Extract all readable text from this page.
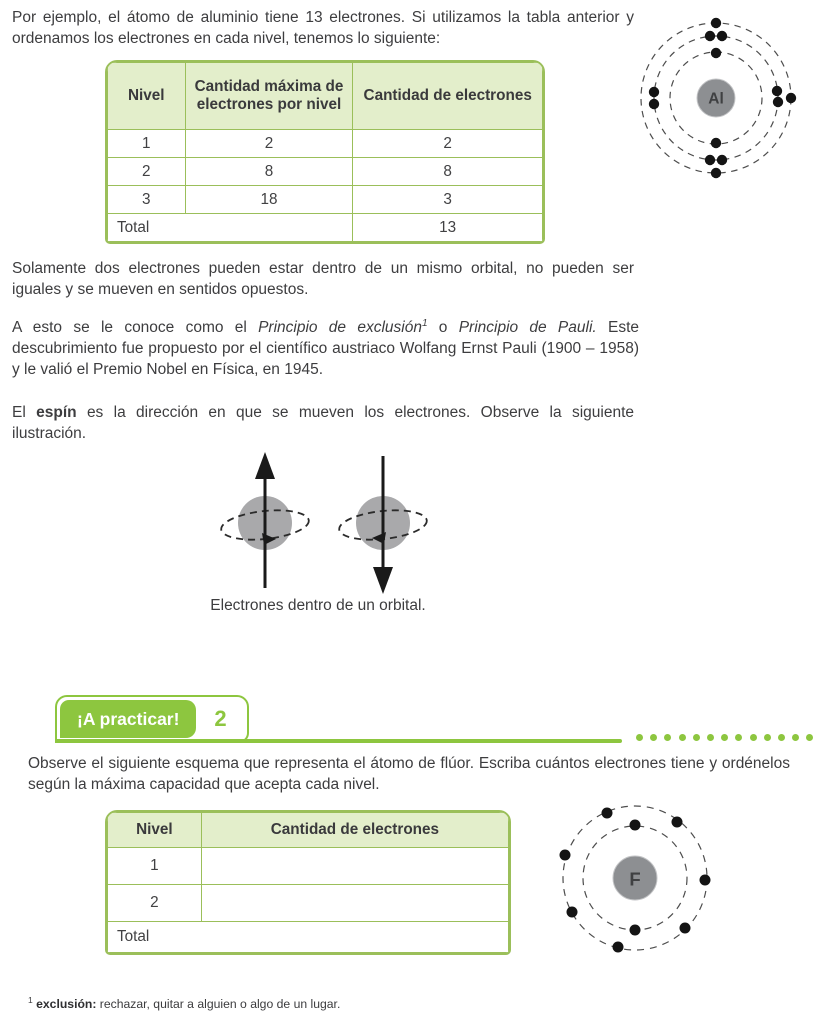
Por ejemplo, el átomo de aluminio tiene 13 electrones. Si utilizamos la tabla anterior y ordenamos los electrones en cada nivel, tenemos lo siguiente:

Al
Nivel	Cantidad máxima de electrones por nivel	Cantidad de electrones
1	2	2
2	8	8
3	18	3
Total		13

Solamente dos electrones pueden estar dentro de un mismo orbital, no pueden ser iguales y se mueven en sentidos opuestos.

A esto se le conoce como el Principio de exclusión$^1$ o Principio de Pauli. Este descubrimiento fue propuesto por el científico austriaco Wolfang Ernst Pauli (1900 – 1958) y le valió el Premio Nobel en Física, en 1945.

El espín es la dirección en que se mueven los electrones. Observe la siguiente ilustración.

Electrones dentro de un orbital.

¡A practicar!	2

Observe el siguiente esquema que representa el átomo de flúor. Escriba cuántos electrones tiene y ordénelos según la máxima capacidad que acepta cada nivel.

Nivel	Cantidad de electrones
1	
2	
Total	
F

$^1$ exclusión: rechazar, quitar a alguien o algo de un lugar.
